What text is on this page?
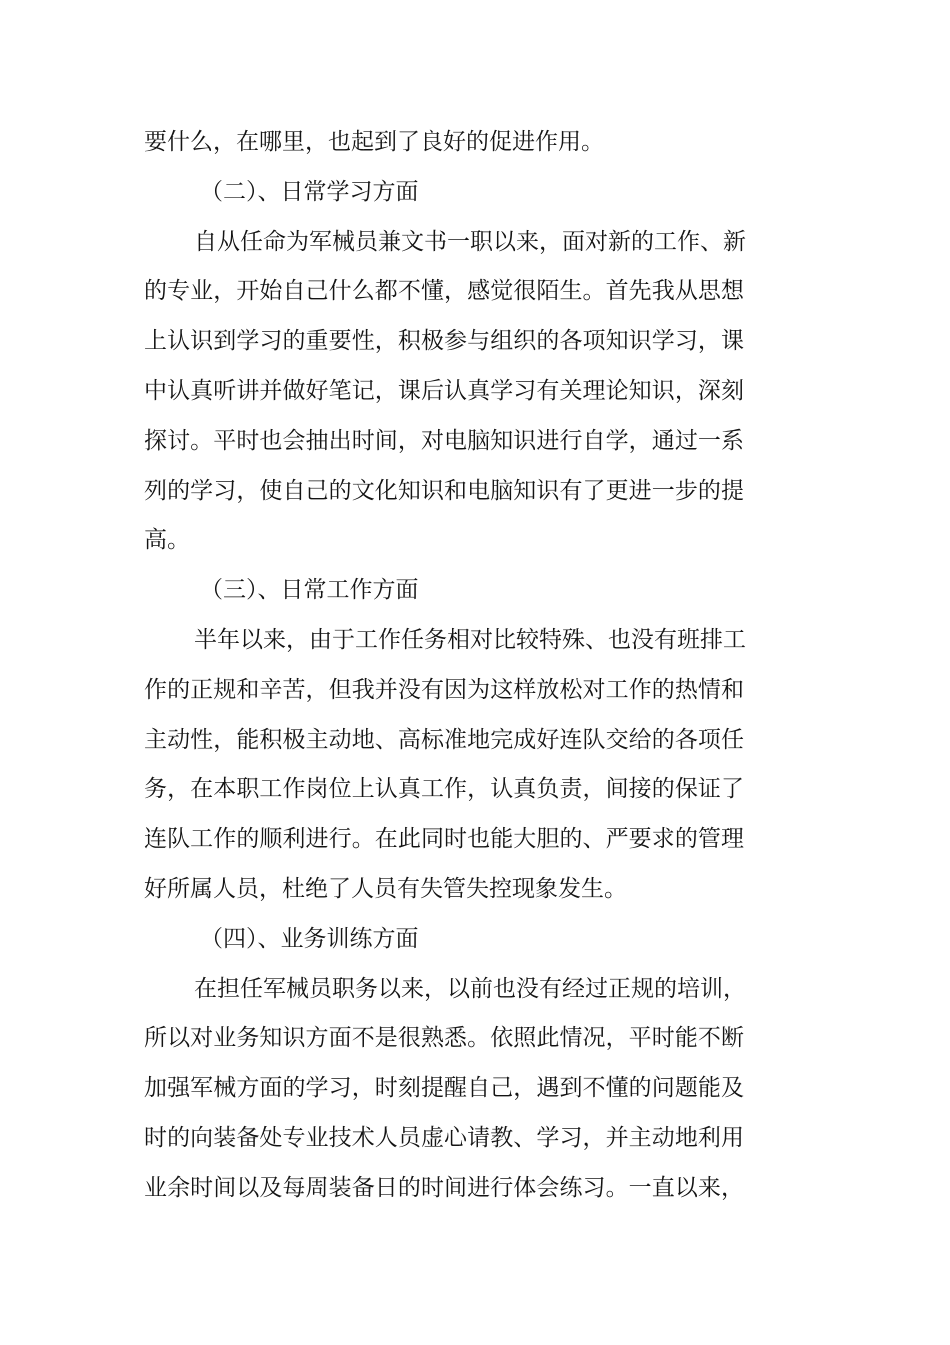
要什么，在哪里，也起到了良好的促进作用。
（二）、日常学习方面
自从任命为军械员兼文书一职以来，面对新的工作、新
的专业，开始自己什么都不懂，感觉很陌生。首先我从思想
上认识到学习的重要性，积极参与组织的各项知识学习，课
中认真听讲并做好笔记，课后认真学习有关理论知识，深刻
探讨。平时也会抽出时间，对电脑知识进行自学，通过一系
列的学习，使自己的文化知识和电脑知识有了更进一步的提
高。
（三）、日常工作方面
半年以来，由于工作任务相对比较特殊、也没有班排工
作的正规和辛苦，但我并没有因为这样放松对工作的热情和
主动性，能积极主动地、高标准地完成好连队交给的各项任
务，在本职工作岗位上认真工作，认真负责，间接的保证了
连队工作的顺利进行。在此同时也能大胆的、严要求的管理
好所属人员，杜绝了人员有失管失控现象发生。
（四）、业务训练方面
在担任军械员职务以来，以前也没有经过正规的培训，
所以对业务知识方面不是很熟悉。依照此情况，平时能不断
加强军械方面的学习，时刻提醒自己，遇到不懂的问题能及
时的向装备处专业技术人员虚心请教、学习，并主动地利用
业余时间以及每周装备日的时间进行体会练习。一直以来，
